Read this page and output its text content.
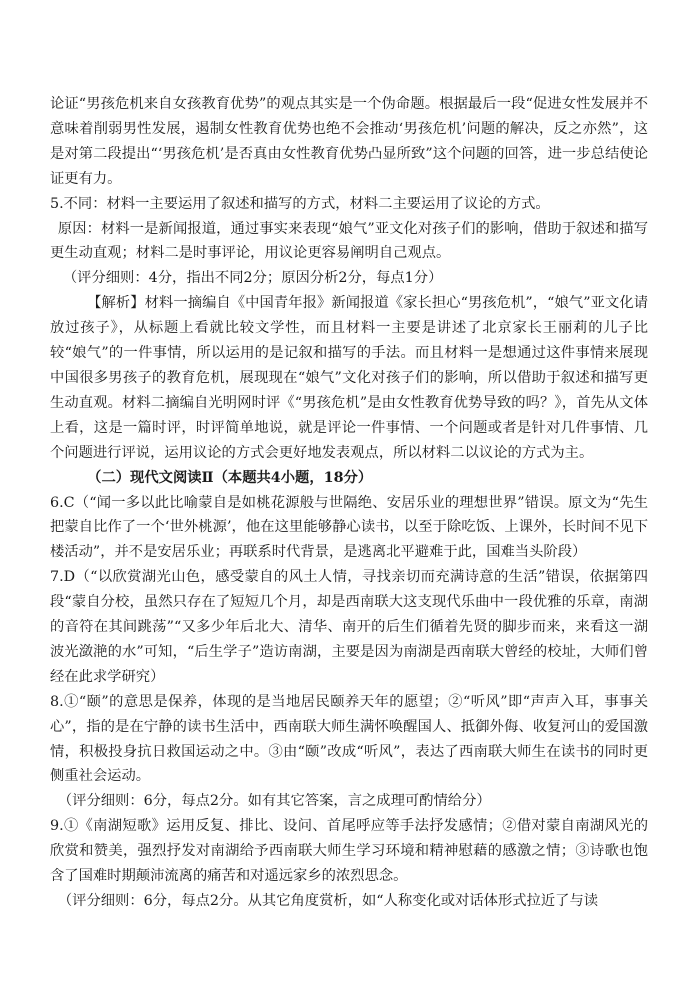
论证“男孩危机来自女孩教育优势”的观点其实是一个伪命题。根据最后一段“促进女性发展并不意味着削弱男性发展，遏制女性教育优势也绝不会推动‘男孩危机’问题的解决，反之亦然”，这是对第二段提出“‘男孩危机’是否真由女性教育优势凸显所致”这个问题的回答，进一步总结使论证更有力。

5.不同：材料一主要运用了叙述和描写的方式，材料二主要运用了议论的方式。

原因：材料一是新闻报道，通过事实来表现“娘气”亚文化对孩子们的影响，借助于叙述和描写更生动直观；材料二是时事评论，用议论更容易阐明自己观点。

（评分细则：4分，指出不同2分；原因分析2分，每点1分）

【解析】材料一摘编自《中国青年报》新闻报道《家长担心“男孩危机”，“娘气”亚文化请放过孩子》，从标题上看就比较文学性，而且材料一主要是讲述了北京家长王丽莉的儿子比较“娘气”的一件事情，所以运用的是记叙和描写的手法。而且材料一是想通过这件事情来展现中国很多男孩子的教育危机，展现现在“娘气”文化对孩子们的影响，所以借助于叙述和描写更生动直观。材料二摘编自光明网时评《“男孩危机”是由女性教育优势导致的吗？》，首先从文体上看，这是一篇时评，时评简单地说，就是评论一件事情、一个问题或者是针对几件事情、几个问题进行评说，运用议论的方式会更好地发表观点，所以材料二以议论的方式为主。

（二）现代文阅读Ⅱ（本题共4小题，18分）

6.C（“闻一多以此比喻蒙自是如桃花源般与世隔绝、安居乐业的理想世界”错误。原文为“先生把蒙自比作了一个‘世外桃源’，他在这里能够静心读书，以至于除吃饭、上课外，长时间不见下楼活动”，并不是安居乐业；再联系时代背景，是逃离北平避难于此，国难当头阶段）

7.D（“以欣赏湖光山色，感受蒙自的风土人情，寻找亲切而充满诗意的生活”错误，依据第四段“蒙自分校，虽然只存在了短短几个月，却是西南联大这支现代乐曲中一段优雅的乐章，南湖的音符在其间跳荡”“又多少年后北大、清华、南开的后生们循着先贤的脚步而来，来看这一湖波光潋滟的水”可知，“后生学子”造访南湖，主要是因为南湖是西南联大曾经的校址，大师们曾经在此求学研究）

8.①“颐”的意思是保养，体现的是当地居民颐养天年的愿望；②“听风”即“声声入耳，事事关心”，指的是在宁静的读书生活中，西南联大师生满怀唤醒国人、抵御外侮、收复河山的爱国激情，积极投身抗日救国运动之中。③由“颐”改成“听风”，表达了西南联大师生在读书的同时更侧重社会运动。

（评分细则：6分，每点2分。如有其它答案，言之成理可酌情给分）

9.①《南湖短歌》运用反复、排比、设问、首尾呼应等手法抒发感情；②借对蒙自南湖风光的欣赏和赞美，强烈抒发对南湖给予西南联大师生学习环境和精神慰藉的感激之情；③诗歌也饱含了国难时期颠沛流离的痛苦和对遥远家乡的浓烈思念。

（评分细则：6分，每点2分。从其它角度赏析，如“人称变化或对话体形式拉近了与读
